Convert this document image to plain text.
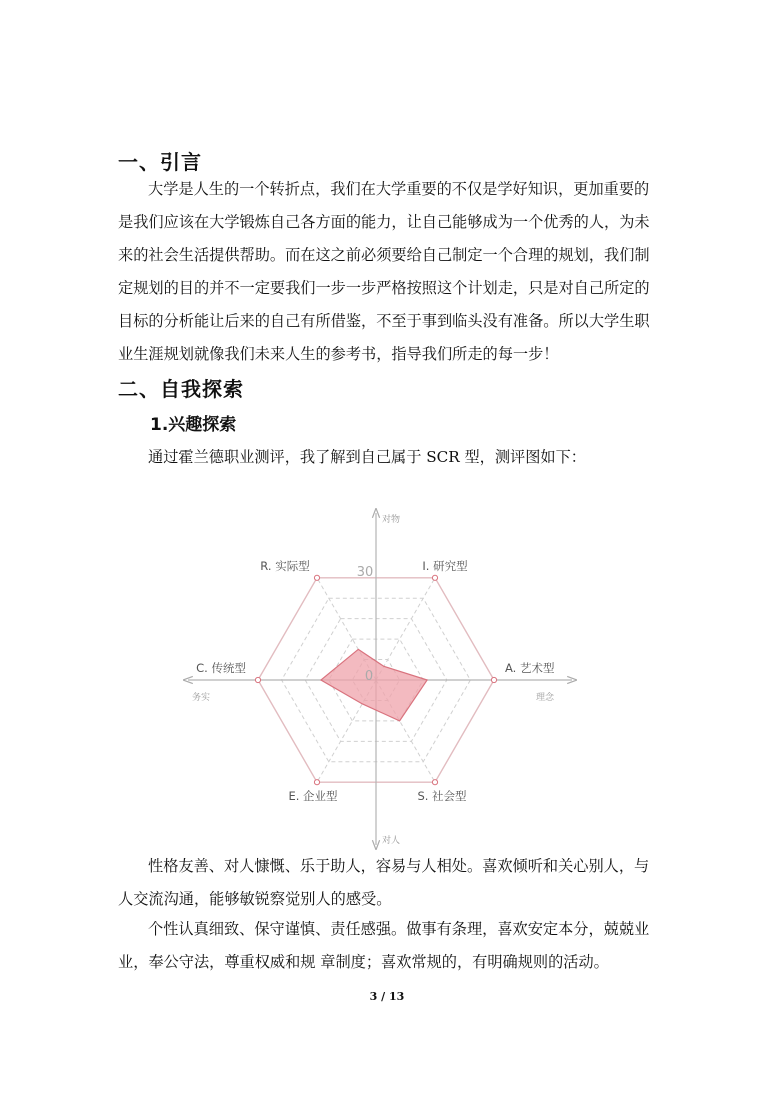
一、引言

大学是人生的一个转折点，我们在大学重要的不仅是学好知识，更加重要的
是我们应该在大学锻炼自己各方面的能力，让自己能够成为一个优秀的人，为未
来的社会生活提供帮助。而在这之前必须要给自己制定一个合理的规划，我们制
定规划的目的并不一定要我们一步一步严格按照这个计划走，只是对自己所定的
目标的分析能让后来的自己有所借鉴，不至于事到临头没有准备。所以大学生职
业生涯规划就像我们未来人生的参考书，指导我们所走的每一步！

二、自我探索
1.兴趣探索

通过霍兰德职业测评，我了解到自己属于 SCR 型，测评图如下：

R. 实际型	I. 研究型
A. 艺术型
S. 社会型
E. 企业型
C. 传统型
对物
对人
务实	理念
30
0

性格友善、对人慷慨、乐于助人，容易与人相处。喜欢倾听和关心别人，与
人交流沟通，能够敏锐察觉别人的感受。

个性认真细致、保守谨慎、责任感强。做事有条理，喜欢安定本分，兢兢业
业，奉公守法，尊重权威和规 章制度；喜欢常规的，有明确规则的活动。

3 / 13
